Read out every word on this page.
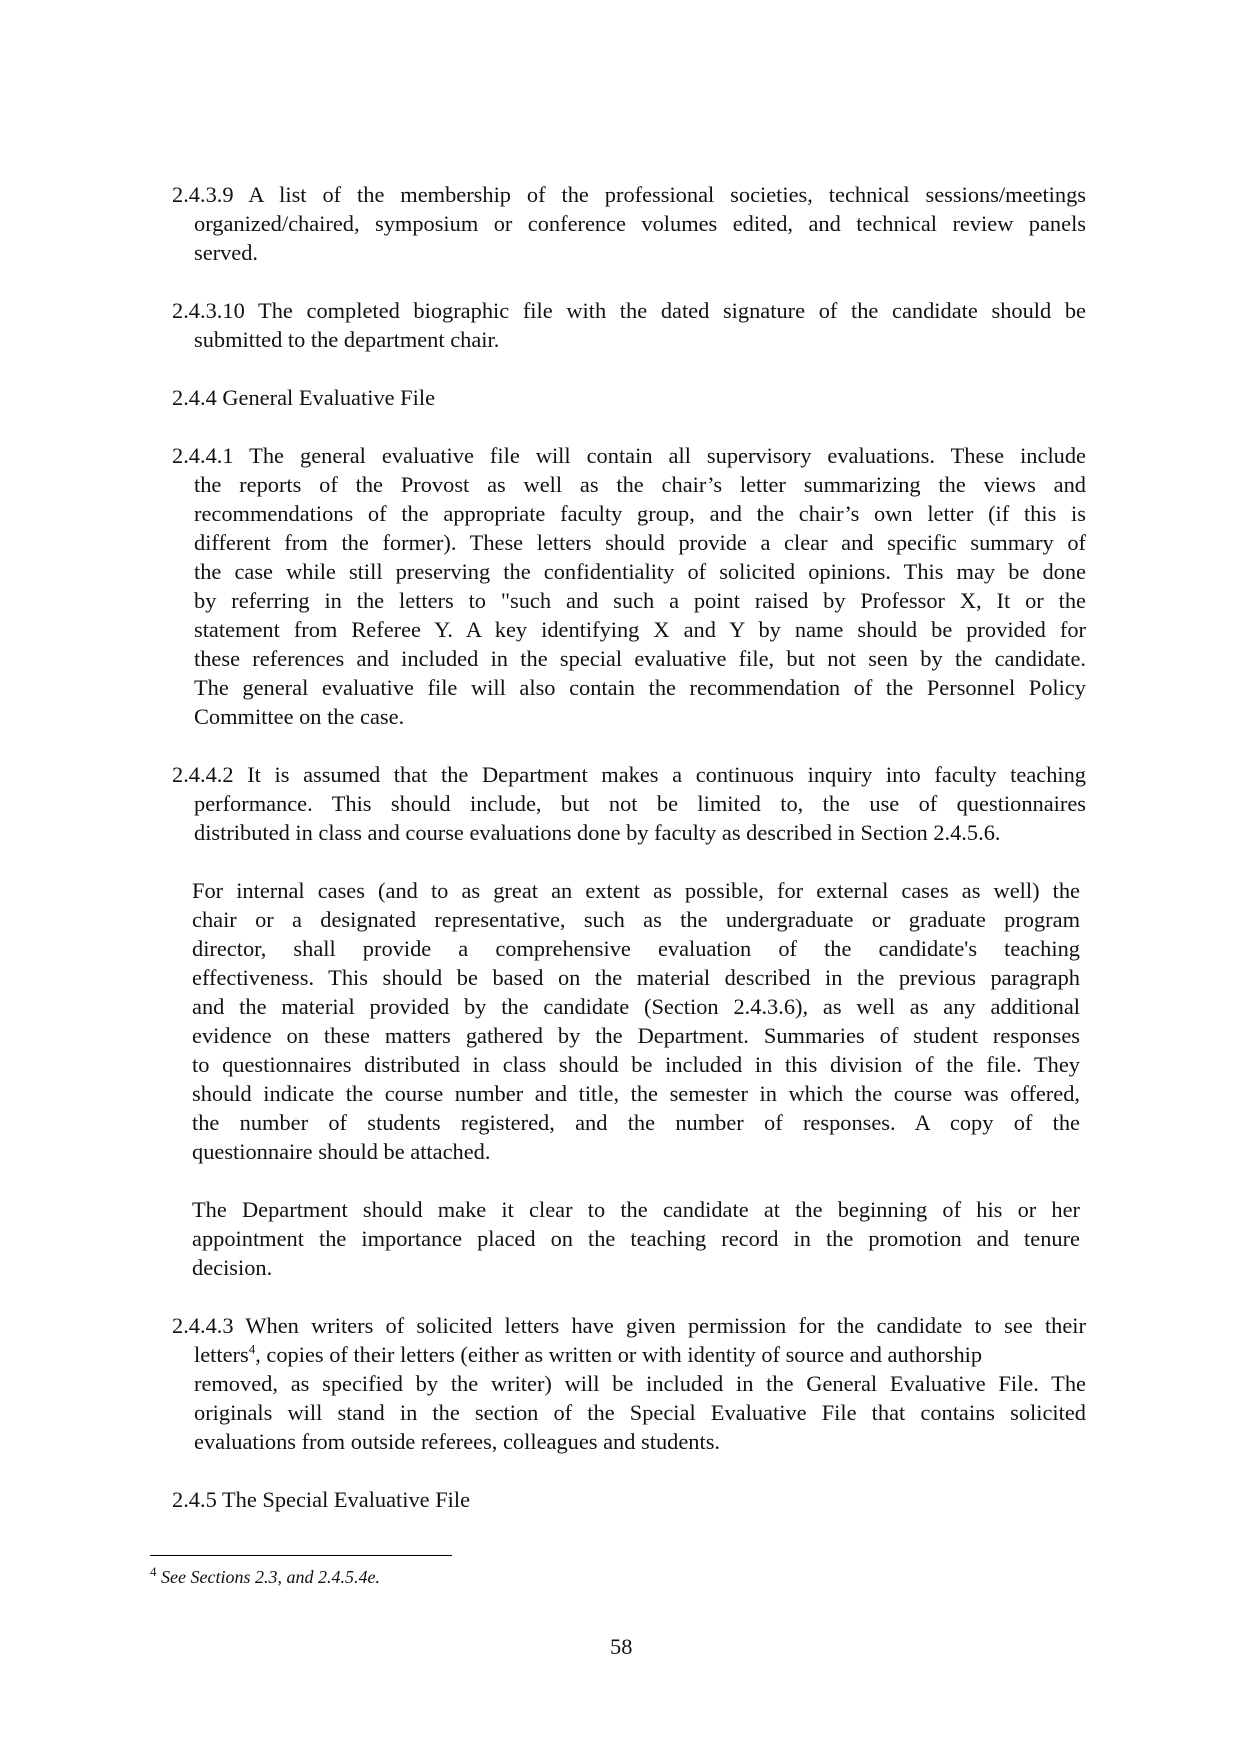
2.4.3.9 A list of the membership of the professional societies, technical sessions/meetings
organized/chaired, symposium or conference volumes edited, and technical review panels
served.
2.4.3.10 The completed biographic file with the dated signature of the candidate should be
submitted to the department chair.
2.4.4 General Evaluative File
2.4.4.1 The general evaluative file will contain all supervisory evaluations. These include
the reports of the Provost as well as the chair’s letter summarizing the views and
recommendations of the appropriate faculty group, and the chair’s own letter (if this is
different from the former). These letters should provide a clear and specific summary of
the case while still preserving the confidentiality of solicited opinions. This may be done
by referring in the letters to "such and such a point raised by Professor X, It or the
statement from Referee Y. A key identifying X and Y by name should be provided for
these references and included in the special evaluative file, but not seen by the candidate.
The general evaluative file will also contain the recommendation of the Personnel Policy
Committee on the case.
2.4.4.2 It is assumed that the Department makes a continuous inquiry into faculty teaching
performance. This should include, but not be limited to, the use of questionnaires
distributed in class and course evaluations done by faculty as described in Section 2.4.5.6.
For internal cases (and to as great an extent as possible, for external cases as well) the
chair or a designated representative, such as the undergraduate or graduate program
director, shall provide a comprehensive evaluation of the candidate's teaching
effectiveness. This should be based on the material described in the previous paragraph
and the material provided by the candidate (Section 2.4.3.6), as well as any additional
evidence on these matters gathered by the Department. Summaries of student responses
to questionnaires distributed in class should be included in this division of the file. They
should indicate the course number and title, the semester in which the course was offered,
the number of students registered, and the number of responses. A copy of the
questionnaire should be attached.
The Department should make it clear to the candidate at the beginning of his or her
appointment the importance placed on the teaching record in the promotion and tenure
decision.
2.4.4.3 When writers of solicited letters have given permission for the candidate to see their
letters$^4$, copies of their letters (either as written or with identity of source and authorship
removed, as specified by the writer) will be included in the General Evaluative File. The
originals will stand in the section of the Special Evaluative File that contains solicited
evaluations from outside referees, colleagues and students.
2.4.5 The Special Evaluative File
$^4$ See Sections 2.3, and 2.4.5.4e.
58
